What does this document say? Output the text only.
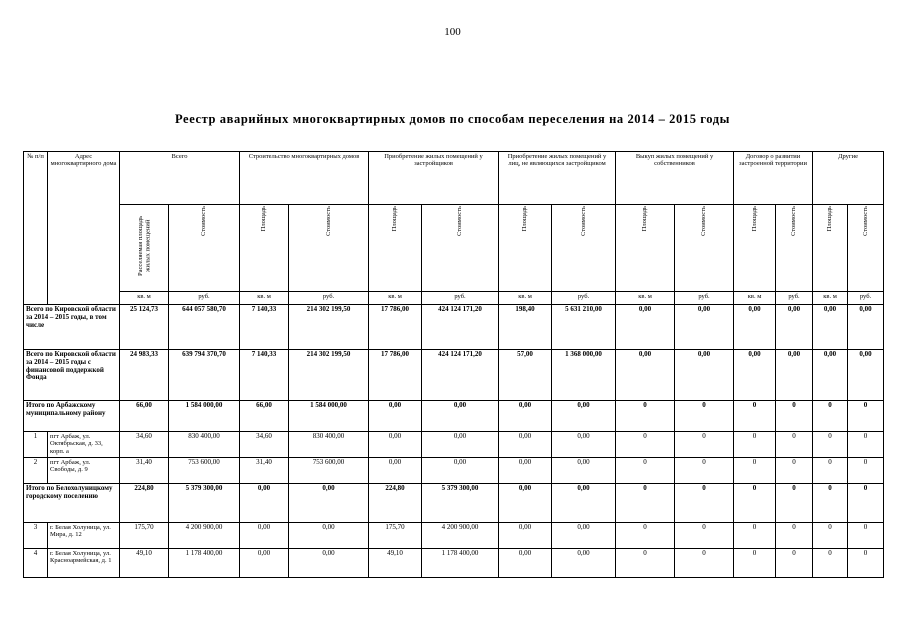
100
Реестр аварийных многоквартирных домов по способам переселения на 2014 – 2015 годы
№ п/п	Адрес многоквартирного дома	Всего		Строительство многоквартирных домов		Приобретение жилых помещений у застройщиков		Приобретение жилых помещений у лиц, не являющихся застройщиком		Выкуп жилых помещений у собственников		Договор о развитии застроенной территории		Другие	
		Расселяемая площадь жилых помещений	Стоимость	Площадь	Стоимость	Площадь	Стоимость	Площадь	Стоимость	Площадь	Стоимость	Площадь	Стоимость	Площадь	Стоимость
		кв. м	руб.	кв. м	руб.	кв. м	руб.	кв. м	руб.	кв. м	руб.	кв. м	руб.	кв. м	руб.
Всего по Кировской области за 2014 – 2015 годы, в том числе		25 124,73	644 057 580,70	7 140,33	214 302 199,50	17 786,00	424 124 171,20	198,40	5 631 210,00	0,00	0,00	0,00	0,00	0,00	0,00
Всего по Кировской области за 2014 – 2015 годы с финансовой поддержкой Фонда		24 983,33	639 794 370,70	7 140,33	214 302 199,50	17 786,00	424 124 171,20	57,00	1 368 000,00	0,00	0,00	0,00	0,00	0,00	0,00
Итого по Арбажскому муниципальному району		66,00	1 584 000,00	66,00	1 584 000,00	0,00	0,00	0,00	0,00	0	0	0	0	0	0
1	пгт Арбаж, ул. Октябрьская, д. 33, корп. а	34,60	830 400,00	34,60	830 400,00	0,00	0,00	0,00	0,00	0	0	0	0	0	0
2	пгт Арбаж, ул. Свободы, д. 9	31,40	753 600,00	31,40	753 600,00	0,00	0,00	0,00	0,00	0	0	0	0	0	0
Итого по Белохолуницкому городскому поселению		224,80	5 379 300,00	0,00	0,00	224,80	5 379 300,00	0,00	0,00	0	0	0	0	0	0
3	г. Белая Холуница, ул. Мира, д. 12	175,70	4 200 900,00	0,00	0,00	175,70	4 200 900,00	0,00	0,00	0	0	0	0	0	0
4	г. Белая Холуница, ул. Красноармейская, д. 1	49,10	1 178 400,00	0,00	0,00	49,10	1 178 400,00	0,00	0,00	0	0	0	0	0	0
